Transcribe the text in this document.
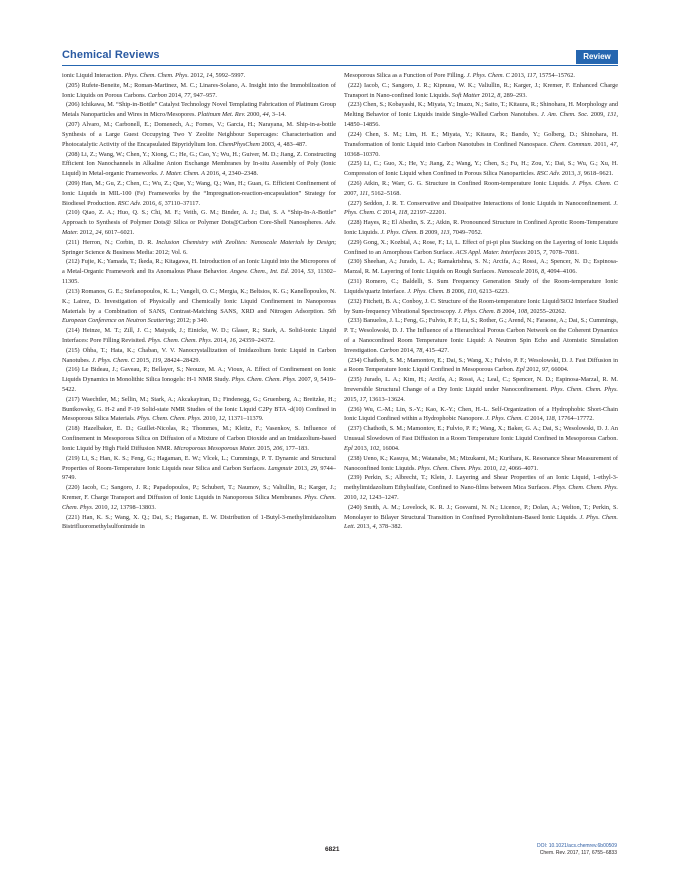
Chemical Reviews	Review

ionic Liquid Interaction. Phys. Chem. Chem. Phys. 2012, 14, 5992–5997.

(205) Rufete-Beneite, M.; Roman-Martinez, M. C.; Linares-Solano, A. Insight into the Immobilization of Ionic Liquids on Porous Carbons. Carbon 2014, 77, 947–957.

(206) Ichikawa, M. “Ship-in-Bottle” Catalyst Technology Novel Templating Fabrication of Platinum Group Metals Nanoparticles and Wires in Micro/Mesopores. Platinum Met. Rev. 2000, 44, 3–14.

(207) Alvaro, M.; Carbonell, E.; Domenech, A.; Fornes, V.; Garcia, H.; Narayana, M. Ship-in-a-bottle Synthesis of a Large Guest Occupying Two Y Zeolite Neighbour Supercages: Characterisation and Photocatalytic Activity of the Encapsulated Bipyridylium Ion. ChemPhysChem 2003, 4, 483–487.

(208) Li, Z.; Wang, W.; Chen, Y.; Xiong, C.; He, G.; Cao, Y.; Wu, H.; Guiver, M. D.; Jiang, Z. Constructing Efficient Ion Nanochannels in Alkaline Anion Exchange Membranes by In-situ Assembly of Poly (Ionic Liquid) in Metal-organic Frameworks. J. Mater. Chem. A 2016, 4, 2340–2348.

(209) Han, M.; Gu, Z.; Chen, C.; Wu, Z.; Que, Y.; Wang, Q.; Wan, H.; Guan, G. Efficient Confinement of Ionic Liquids in MIL-100 (Fe) Frameworks by the “Impregnation-reaction-encapsulation” Strategy for Biodiesel Production. RSC Adv. 2016, 6, 37110–37117.

(210) Qiao, Z. A.; Huo, Q. S.; Chi, M. F.; Veith, G. M.; Binder, A. J.; Dai, S. A “Ship-In-A-Bottle” Approach to Synthesis of Polymer Dots@ Silica or Polymer Dots@Carbon Core-Shell Nanospheres. Adv. Mater. 2012, 24, 6017–6021.

(211) Herron, N.; Corbin, D. R. Inclusion Chemistry with Zeolites: Nanoscale Materials by Design; Springer Science & Business Media: 2012; Vol. 6.

(212) Fujie, K.; Yamada, T.; Ikeda, R.; Kitagawa, H. Introduction of an Ionic Liquid into the Micropores of a Metal-Organic Framework and Its Anomalous Phase Behavior. Angew. Chem., Int. Ed. 2014, 53, 11302–11305.

(213) Romanos, G. E.; Stefanopoulos, K. L.; Vangeli, O. C.; Mergia, K.; Beltsios, K. G.; Kanellopoulos, N. K.; Lairez, D. Investigation of Physically and Chemically Ionic Liquid Confinement in Nanoporous Materials by a Combination of SANS, Contrast-Matching SANS, XRD and Nitrogen Adsorption. 5th European Conference on Neutron Scattering; 2012; p 340.

(214) Heinze, M. T.; Zill, J. C.; Matysik, J.; Einicke, W. D.; Glaser, R.; Stark, A. Solid-ionic Liquid Interfaces: Pore Filling Revisited. Phys. Chem. Chem. Phys. 2014, 16, 24359–24372.

(215) Ohba, T.; Hata, K.; Chaban, V. V. Nanocrystallization of Imidazolium Ionic Liquid in Carbon Nanotubes. J. Phys. Chem. C 2015, 119, 28424–28429.

(216) Le Bideau, J.; Gaveau, P.; Bellayer, S.; Neouze, M. A.; Vioux, A. Effect of Confinement on Ionic Liquids Dynamics in Monolithic Silica Ionogels: H-1 NMR Study. Phys. Chem. Chem. Phys. 2007, 9, 5419–5422.

(217) Waechtler, M.; Sellin, M.; Stark, A.; Akcakayiran, D.; Findenegg, G.; Gruenberg, A.; Breitzke, H.; Buntkowsky, G. H-2 and F-19 Solid-state NMR Studies of the Ionic Liquid C2Py BTA -d(10) Confined in Mesoporous Silica Materials. Phys. Chem. Chem. Phys. 2010, 12, 11371–11379.

(218) Hazelbaker, E. D.; Guillet-Nicolas, R.; Thommes, M.; Kleitz, F.; Vasenkov, S. Influence of Confinement in Mesoporous Silica on Diffusion of a Mixture of Carbon Dioxide and an Imidazolium-based Ionic Liquid by High Field Diffusion NMR. Microporous Mesoporous Mater. 2015, 206, 177–183.

(219) Li, S.; Han, K. S.; Feng, G.; Hagaman, E. W.; Vlcek, L.; Cummings, P. T. Dynamic and Structural Properties of Room-Temperature Ionic Liquids near Silica and Carbon Surfaces. Langmuir 2013, 29, 9744–9749.

(220) Iacob, C.; Sangoro, J. R.; Papadopoulos, P.; Schubert, T.; Naumov, S.; Valiullin, R.; Karger, J.; Kremer, F. Charge Transport and Diffusion of Ionic Liquids in Nanoporous Silica Membranes. Phys. Chem. Chem. Phys. 2010, 12, 13798–13803.

(221) Han, K. S.; Wang, X. Q.; Dai, S.; Hagaman, E. W. Distribution of 1-Butyl-3-methylimidazolium Bistrifluoromethylsulfonimide in

Mesoporous Silica as a Function of Pore Filling. J. Phys. Chem. C 2013, 117, 15754–15762.

(222) Iacob, C.; Sangoro, J. R.; Kipnusu, W. K.; Valiullin, R.; Karger, J.; Kremer, F. Enhanced Charge Transport in Nano-confined Ionic Liquids. Soft Matter 2012, 8, 289–293.

(223) Chen, S.; Kobayashi, K.; Miyata, Y.; Imazu, N.; Saito, T.; Kitaura, R.; Shinohara, H. Morphology and Melting Behavior of Ionic Liquids inside Single-Walled Carbon Nanotubes. J. Am. Chem. Soc. 2009, 131, 14850–14856.

(224) Chen, S. M.; Lim, H. E.; Miyata, Y.; Kitaura, R.; Bando, Y.; Golberg, D.; Shinohara, H. Transformation of Ionic Liquid into Carbon Nanotubes in Confined Nanospace. Chem. Commun. 2011, 47, 10368–10370.

(225) Li, C.; Guo, X.; He, Y.; Jiang, Z.; Wang, Y.; Chen, S.; Fu, H.; Zou, Y.; Dai, S.; Wu, G.; Xu, H. Compression of Ionic Liquid when Confined in Porous Silica Nanoparticles. RSC Adv. 2013, 3, 9618–9621.

(226) Atkin, R.; Warr, G. G. Structure in Confined Room-temperature Ionic Liquids. J. Phys. Chem. C 2007, 111, 5162–5168.

(227) Seddon, J. R. T. Conservative and Dissipative Interactions of Ionic Liquids in Nanoconfinement. J. Phys. Chem. C 2014, 118, 22197–22201.

(228) Hayes, R.; El Abedin, S. Z.; Atkin, R. Pronounced Structure in Confined Aprotic Room-Temperature Ionic Liquids. J. Phys. Chem. B 2009, 113, 7049–7052.

(229) Gong, X.; Kozbial, A.; Rose, F.; Li, L. Effect of pi-pi plus Stacking on the Layering of Ionic Liquids Confined to an Amorphous Carbon Surface. ACS Appl. Mater. Interfaces 2015, 7, 7078–7081.

(230) Sheehan, A.; Jurado, L. A.; Ramakrishna, S. N.; Arcifa, A.; Rossi, A.; Spencer, N. D.; Espinosa-Marzal, R. M. Layering of Ionic Liquids on Rough Surfaces. Nanoscale 2016, 8, 4094–4106.

(231) Romero, C.; Baldelli, S. Sum Frequency Generation Study of the Room-temperature Ionic Liquids/quartz Interface. J. Phys. Chem. B 2006, 110, 6213–6223.

(232) Fitchett, B. A.; Conboy, J. C. Structure of the Room-temperature Ionic Liquid/SiO2 Interface Studied by Sum-frequency Vibrational Spectroscopy. J. Phys. Chem. B 2004, 108, 20255–20262.

(233) Banuelos, J. L.; Feng, G.; Fulvio, P. F.; Li, S.; Rother, G.; Arend, N.; Faraone, A.; Dai, S.; Cummings, P. T.; Wesolowski, D. J. The Influence of a Hierarchical Porous Carbon Network on the Coherent Dynamics of a Nanoconfined Room Temperature Ionic Liquid: A Neutron Spin Echo and Atomistic Simulation Investigation. Carbon 2014, 78, 415–427.

(234) Chathoth, S. M.; Mamontov, E.; Dai, S.; Wang, X.; Fulvio, P. F.; Wesolowski, D. J. Fast Diffusion in a Room Temperature Ionic Liquid Confined in Mesoporous Carbon. Epl 2012, 97, 66004.

(235) Jurado, L. A.; Kim, H.; Arcifa, A.; Rossi, A.; Leal, C.; Spencer, N. D.; Espinosa-Marzal, R. M. Irreversible Structural Change of a Dry Ionic Liquid under Nanoconfinement. Phys. Chem. Chem. Phys. 2015, 17, 13613–13624.

(236) Wu, C.-M.; Lin, S.-Y.; Kao, K.-Y.; Chen, H.-L. Self-Organization of a Hydrophobic Short-Chain Ionic Liquid Confined within a Hydrophobic Nanopore. J. Phys. Chem. C 2014, 118, 17764–17772.

(237) Chathoth, S. M.; Mamontov, E.; Fulvio, P. F.; Wang, X.; Baker, G. A.; Dai, S.; Wesolowski, D. J. An Unusual Slowdown of Fast Diffusion in a Room Temperature Ionic Liquid Confined in Mesoporous Carbon. Epl 2013, 102, 16004.

(238) Ueno, K.; Kasuya, M.; Watanabe, M.; Mizukami, M.; Kurihara, K. Resonance Shear Measurement of Nanoconfined Ionic Liquids. Phys. Chem. Chem. Phys. 2010, 12, 4066–4071.

(239) Perkin, S.; Albrecht, T.; Klein, J. Layering and Shear Properties of an Ionic Liquid, 1-ethyl-3-methylimidazolium Ethylsulfate, Confined to Nano-films between Mica Surfaces. Phys. Chem. Chem. Phys. 2010, 12, 1243–1247.

(240) Smith, A. M.; Lovelock, K. R. J.; Gosvami, N. N.; Licence, P.; Dolan, A.; Welton, T.; Perkin, S. Monolayer to Bilayer Structural Transition in Confined Pyrrolidinium-Based Ionic Liquids. J. Phys. Chem. Lett. 2013, 4, 378–382.

6821	DOI: 10.1021/acs.chemrev.6b00509
Chem. Rev. 2017, 117, 6755−6833
